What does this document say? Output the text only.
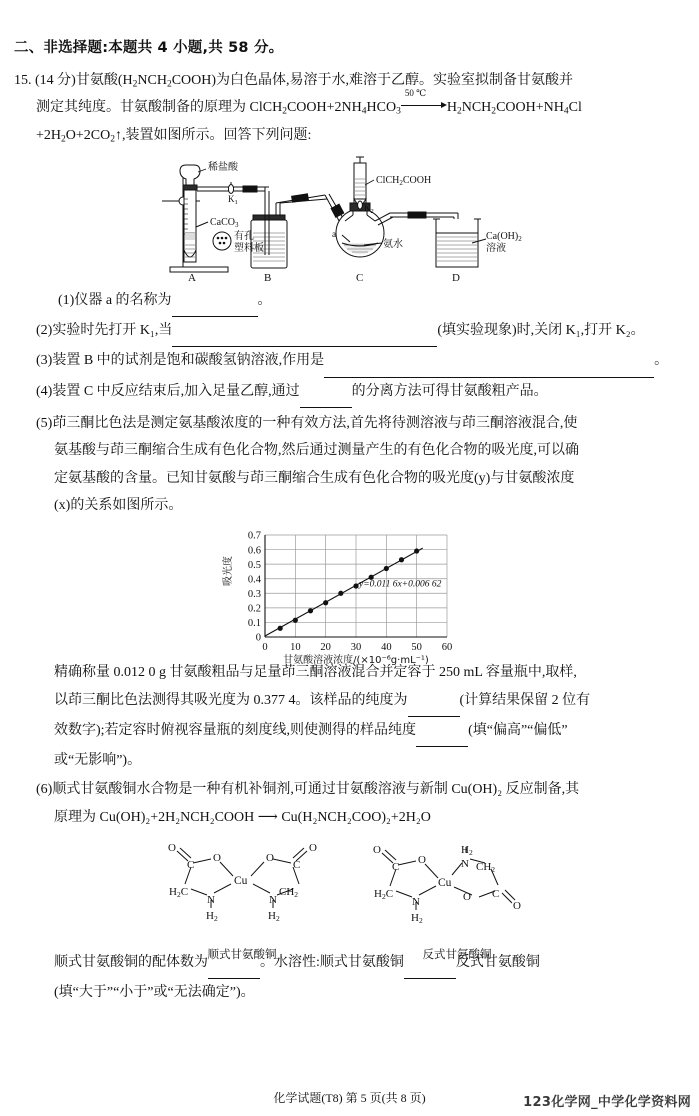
二、非选择题:本题共 4 小题,共 58 分。
15. (14 分)甘氨酸$(H_2NCH_2COOH)$为白色晶体,易溶于水,难溶于乙醇。实验室拟制备甘氨酸并
测定其纯度。甘氨酸制备的原理为 $ClCH_2COOH+2NH_4HCO_3$
50 ℃
$H_2NCH_2COOH+NH_4Cl$
$+2H_2O+2CO_2↑$,装置如图所示。回答下列问题:
稀盐酸
CaCO$_3$
有孔
塑料板
$K_1$
ClCH$_2$COOH
$K_2$
a
氨水
$Ca(OH)_2$
溶液
A	B	C	D
(1)仪器 a 的名称为	。
(2)实验时先打开 K₁,当	(填实验现象)时,关闭 K₁,打开 K₂。
(3)装置 B 中的试剂是饱和碳酸氢钠溶液,作用是	。
(4)装置 C 中反应结束后,加入足量乙醇,通过	的分离方法可得甘氨酸粗产品。
(5)茚三酮比色法是测定氨基酸浓度的一种有效方法,首先将待测溶液与茚三酮溶液混合,使
氨基酸与茚三酮缩合生成有色化合物,然后通过测量产生的有色化合物的吸光度,可以确
定氨基酸的含量。已知甘氨酸与茚三酮缩合生成有色化合物的吸光度(y)与甘氨酸浓度
(x)的关系如图所示。
0
0.1
0.2
0.3
0.4
0.5
0.6
0.7
0 10 20 30 40 50 60
y=0.011 6x+0.006 62
吸光度
甘氨酸溶液浓度/(×10⁻⁶g·mL⁻¹)
精确称量 0.012 0 g 甘氨酸粗品与足量茚三酮溶液混合并定容于 250 mL 容量瓶中,取样,
以茚三酮比色法测得其吸光度为 0.377 4。该样品的纯度为	(计算结果保留 2 位有
效数字);若定容时俯视容量瓶的刻度线,则使测得的样品纯度	(填“偏高”“偏低”
或“无影响”)。
(6)顺式甘氨酸铜水合物是一种有机补铜剂,可通过甘氨酸溶液与新制 Cu(OH)₂ 反应制备,其
原理为 Cu(OH)₂+2H₂NCH₂COOH ⟶ Cu(H₂NCH₂COO)₂+2H₂O
O
C
O	O
C
O
Cu
H2C
N	N
CH2
H2	H2
O
C
O
H2
N CH2
Cu
H2C
N
H2
O C
O
顺式甘氨酸铜	反式甘氨酸铜
顺式甘氨酸铜的配体数为	。水溶性:顺式甘氨酸铜	反式甘氨酸铜
(填“大于”“小于”或“无法确定”)。
化学试题(T8) 第 5 页(共 8 页)	123化学网_中学化学资料网
